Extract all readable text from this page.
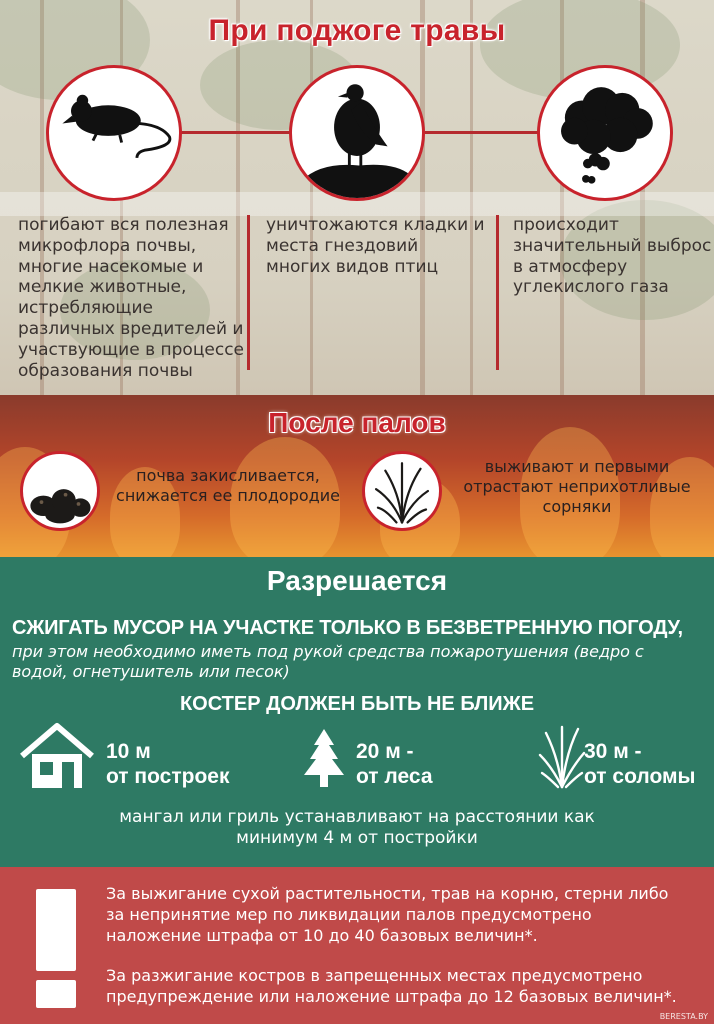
При поджоге травы
погибают вся полезная
микрофлора почвы,
многие насекомые и
мелкие животные,
истребляющие
различных вредителей и
участвующие в процессе
образования почвы
уничтожаются кладки и
места гнездовий
многих видов птиц
происходит
значительный выброс
в атмосферу
углекислого газа
После палов
почва закисливается,
снижается ее плодородие
выживают и первыми
отрастают неприхотливые
сорняки
Разрешается
СЖИГАТЬ МУСОР НА УЧАСТКЕ ТОЛЬКО В БЕЗВЕТРЕННУЮ ПОГОДУ,
при этом необходимо иметь под рукой средства пожаротушения (ведро с
водой, огнетушитель или песок)
КОСТЕР ДОЛЖЕН БЫТЬ НЕ БЛИЖЕ
10 м
от построек
20 м -
от леса
30 м -
от соломы
мангал или гриль устанавливают на расстоянии как
минимум 4 м от постройки
За выжигание сухой растительности, трав на корню, стерни либо
за непринятие мер по ликвидации палов предусмотрено
наложение штрафа от 10 до 40 базовых величин*.
За разжигание костров в запрещенных местах предусмотрено
предупреждение или наложение штрафа до 12 базовых величин*.
BERESTA.BY
